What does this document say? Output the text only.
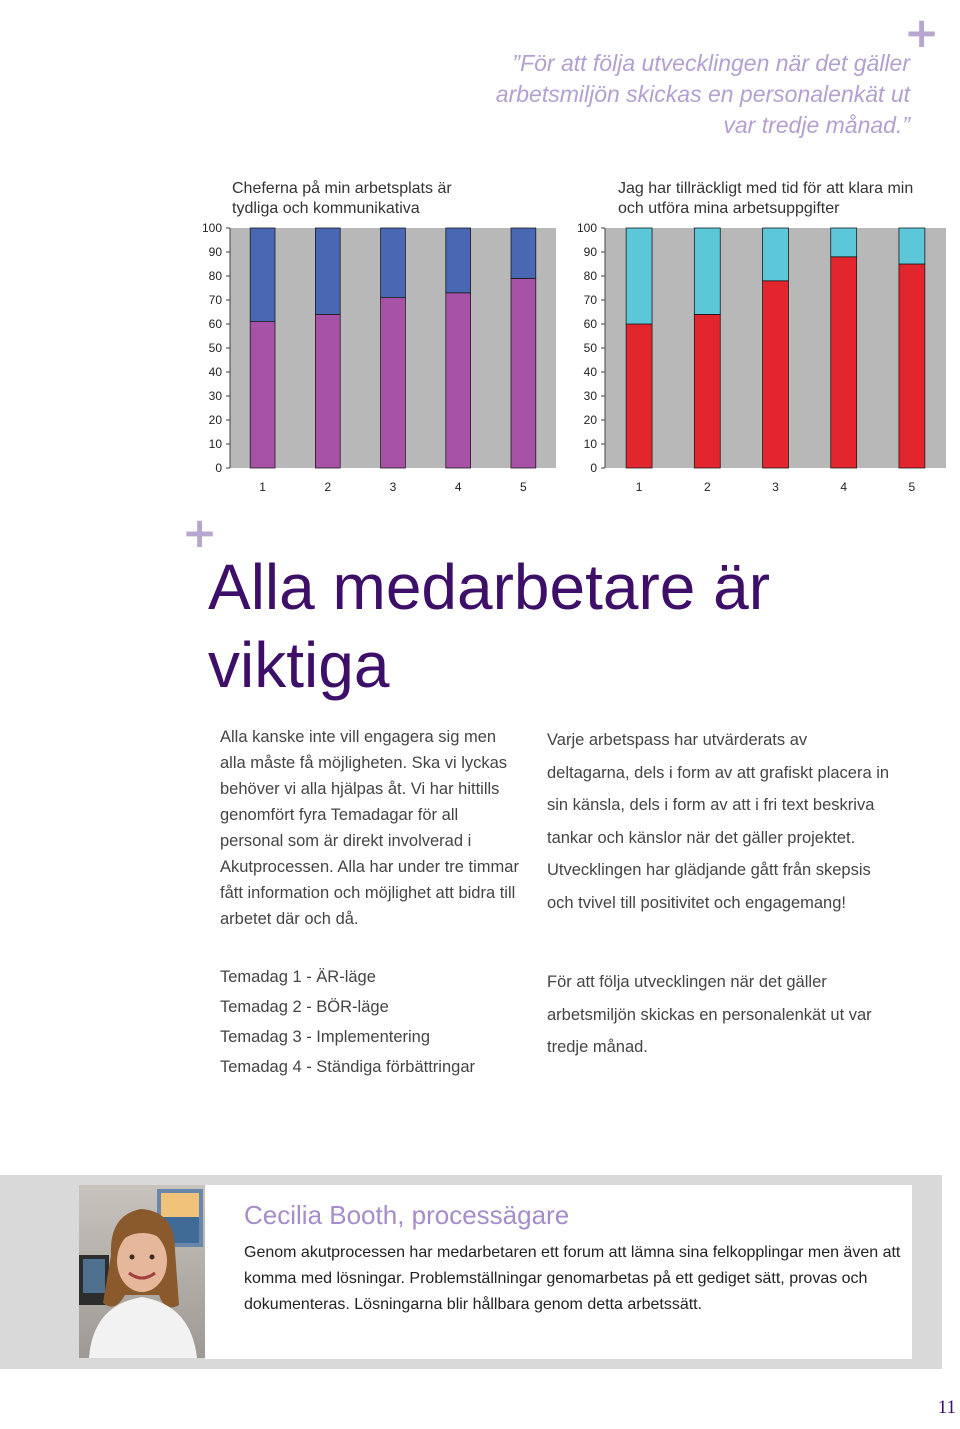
+
+
”För att följa utvecklingen när det gäller arbetsmiljön skickas en personalenkät ut var tredje månad.”
Cheferna på min arbetsplats är tydliga och kommunikativa
0
10
20
30
40
50
60
70
80
90
100
1	2	3	4	5
Jag har tillräckligt med tid för att klara min och utföra mina arbetsuppgifter
0
10
20
30
40
50
60
70
80
90
100
1	2	3	4	5
Alla medarbetare är
viktiga

Alla kanske inte vill engagera sig men alla måste få möjligheten. Ska vi lyckas behöver vi alla hjälpas åt. Vi har hittills genomfört fyra Temadagar för all personal som är direkt involverad i Akutprocessen. Alla har under tre timmar fått information och möjlighet att bidra till arbetet där och då.

Temadag 1 - ÄR-läge
Temadag 2 - BÖR-läge
Temadag 3 - Implementering
Temadag 4 - Ständiga förbättringar

Varje arbetspass har utvärderats av deltagarna, dels i form av att grafiskt placera in sin känsla, dels i form av att i fri text beskriva tankar och känslor när det gäller projektet. Utvecklingen har glädjande gått från skepsis och tvivel till positivitet och engagemang!

För att följa utvecklingen när det gäller arbetsmiljön skickas en personalenkät ut var tredje månad.

Cecilia Booth, processägare
Genom akutprocessen har medarbetaren ett forum att lämna sina felkopplingar men även att komma med lösningar. Problemställningar genomarbetas på ett gediget sätt, provas och dokumenteras. Lösningarna blir hållbara genom detta arbetssätt.
11
